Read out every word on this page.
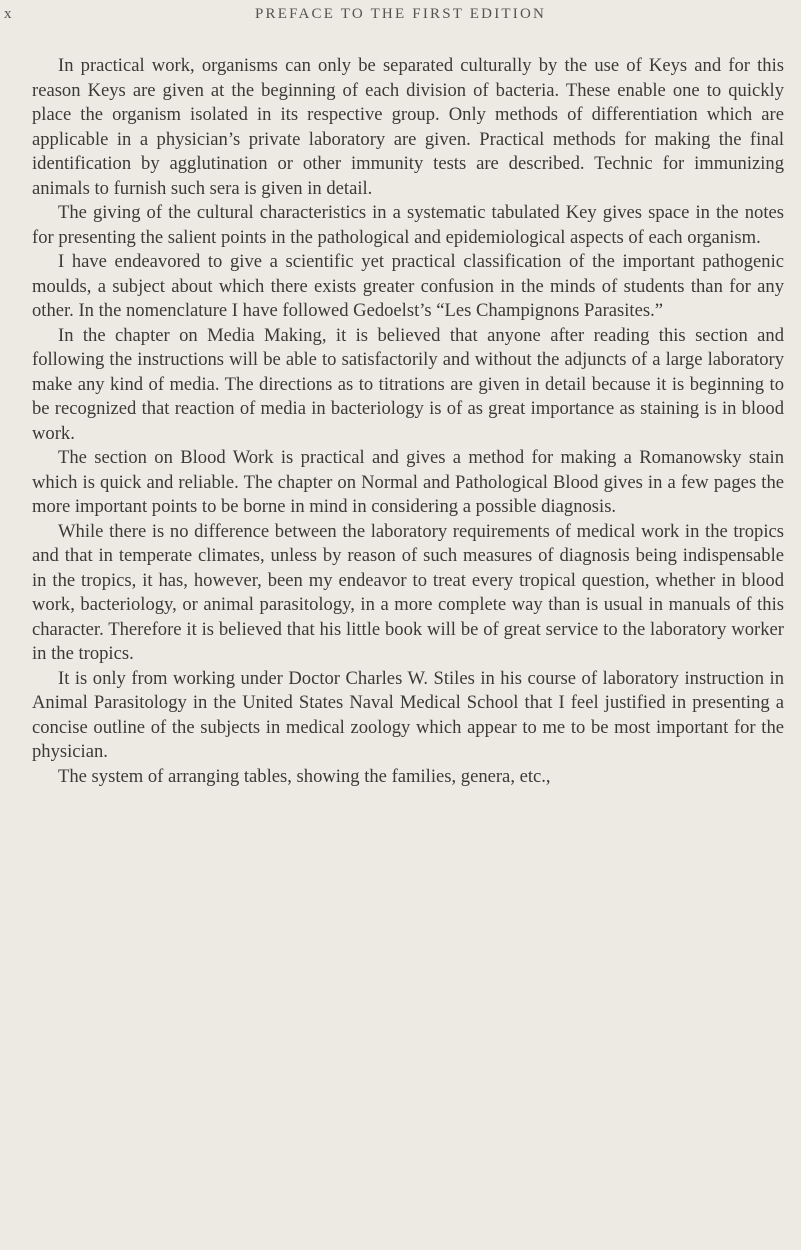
x	PREFACE TO THE FIRST EDITION

In practical work, organisms can only be separated culturally by the use of Keys and for this reason Keys are given at the beginning of each division of bacteria. These enable one to quickly place the organism isolated in its respective group. Only methods of differentiation which are applicable in a physician’s private laboratory are given. Practical methods for making the final identification by agglutination or other immunity tests are described. Technic for immunizing animals to furnish such sera is given in detail.

The giving of the cultural characteristics in a systematic tabulated Key gives space in the notes for presenting the salient points in the pathological and epidemiological aspects of each organism.

I have endeavored to give a scientific yet practical classification of the important pathogenic moulds, a subject about which there exists greater confusion in the minds of students than for any other. In the nomenclature I have followed Gedoelst’s “Les Champignons Parasites.”

In the chapter on Media Making, it is believed that anyone after reading this section and following the instructions will be able to satisfactorily and without the adjuncts of a large laboratory make any kind of media. The directions as to titrations are given in detail because it is beginning to be recognized that reaction of media in bacteriology is of as great importance as staining is in blood work.

The section on Blood Work is practical and gives a method for making a Romanowsky stain which is quick and reliable. The chapter on Normal and Pathological Blood gives in a few pages the more important points to be borne in mind in considering a possible diagnosis.

While there is no difference between the laboratory requirements of medical work in the tropics and that in temperate climates, unless by reason of such measures of diagnosis being indispensable in the tropics, it has, however, been my endeavor to treat every tropical question, whether in blood work, bacteriology, or animal parasitology, in a more complete way than is usual in manuals of this character. Therefore it is believed that his little book will be of great service to the laboratory worker in the tropics.

It is only from working under Doctor Charles W. Stiles in his course of laboratory instruction in Animal Parasitology in the United States Naval Medical School that I feel justified in presenting a concise outline of the subjects in medical zoology which appear to me to be most important for the physician.

The system of arranging tables, showing the families, genera, etc.,
